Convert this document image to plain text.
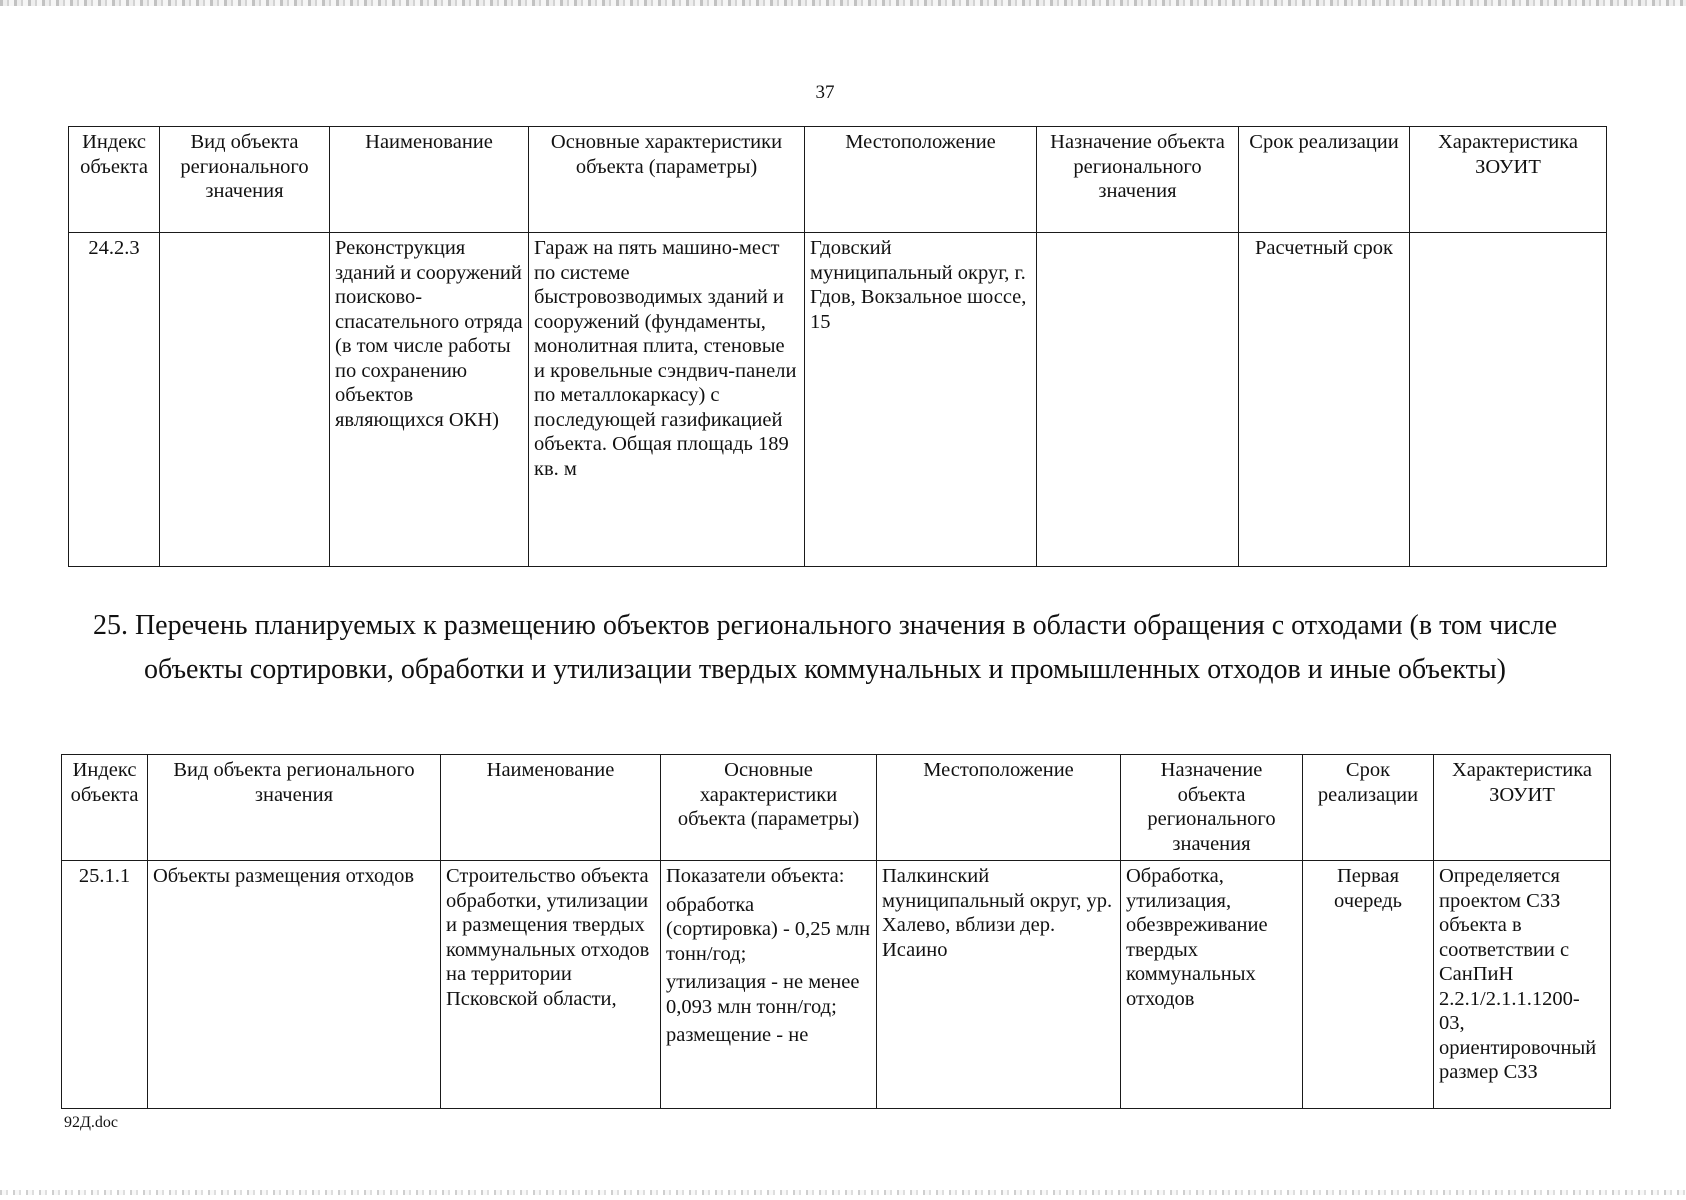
37
Индекс объекта	Вид объекта регионального значения	Наименование	Основные характеристики объекта (параметры)	Местоположение	Назначение объекта регионального значения	Срок реализации	Характеристика ЗОУИТ
24.2.3		Реконструкция зданий и сооружений поисково-спасательного отряда (в том числе работы по сохранению объектов являющихся ОКН)	Гараж на пять машино-мест по системе быстровозводимых зданий и сооружений (фундаменты, монолитная плита, стеновые и кровельные сэндвич-панели по металлокаркасу) с последующей газификацией объекта. Общая площадь 189 кв. м	Гдовский муниципальный округ, г. Гдов, Вокзальное шоссе, 15		Расчетный срок	
25. Перечень планируемых к размещению объектов регионального значения в области обращения с отходами (в том числе объекты сортировки, обработки и утилизации твердых коммунальных и промышленных отходов и иные объекты)
Индекс объекта	Вид объекта регионального значения	Наименование	Основные характеристики объекта (параметры)	Местоположение	Назначение объекта регионального значения	Срок реализации	Характеристика ЗОУИТ
25.1.1	Объекты размещения отходов	Строительство объекта обработки, утилизации и размещения твердых коммунальных отходов на территории Псковской области,	Показатели объекта:
обработка (сортировка) - 0,25 млн тонн/год;
утилизация - не менее 0,093 млн тонн/год;
размещение - не	Палкинский муниципальный округ, ур. Халево, вблизи дер. Исаино	Обработка, утилизация, обезвреживание твердых коммунальных отходов	Первая очередь	Определяется проектом СЗЗ объекта в соответствии с СанПиН 2.2.1/2.1.1.1200-03, ориентировочный размер СЗЗ
92Д.doc
